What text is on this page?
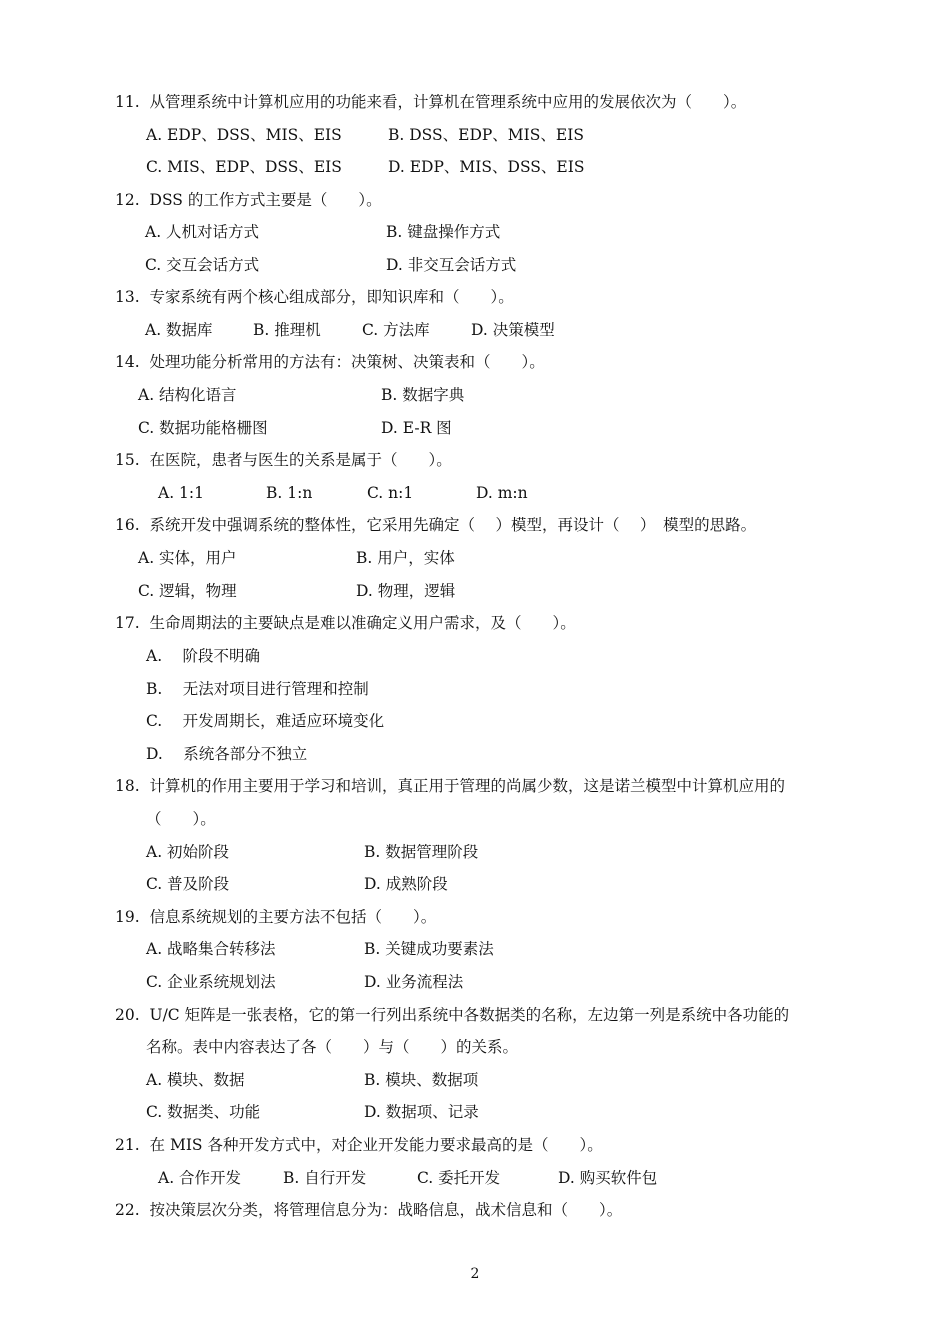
11. 从管理系统中计算机应用的功能来看，计算机在管理系统中应用的发展依次为（　　）。
A. EDP、DSS、MIS、EIS	B. DSS、EDP、MIS、EIS
C. MIS、EDP、DSS、EIS	D. EDP、MIS、DSS、EIS
12. DSS 的工作方式主要是（　　）。
A. 人机对话方式	B. 键盘操作方式
C. 交互会话方式	D. 非交互会话方式
13. 专家系统有两个核心组成部分，即知识库和（　　）。
A. 数据库	B. 推理机	C. 方法库	D. 决策模型
14. 处理功能分析常用的方法有：决策树、决策表和（　　）。
A. 结构化语言	B. 数据字典
C. 数据功能格栅图	D. E-R 图
15. 在医院，患者与医生的关系是属于（　　）。
A. 1:1	B. 1:n	C. n:1	D. m:n
16. 系统开发中强调系统的整体性，它采用先确定（　 ）模型，再设计（　 ）　模型的思路。
A. 实体，用户	B. 用户，实体
C. 逻辑，物理	D. 物理，逻辑
17. 生命周期法的主要缺点是难以准确定义用户需求，及（　　）。
A.　 阶段不明确
B.　 无法对项目进行管理和控制
C.　 开发周期长，难适应环境变化
D.　 系统各部分不独立
18. 计算机的作用主要用于学习和培训，真正用于管理的尚属少数，这是诺兰模型中计算机应用的
（　　）。
A. 初始阶段	B. 数据管理阶段
C. 普及阶段	D. 成熟阶段
19. 信息系统规划的主要方法不包括（　　）。
A. 战略集合转移法	B. 关键成功要素法
C. 企业系统规划法	D. 业务流程法
20. U/C 矩阵是一张表格，它的第一行列出系统中各数据类的名称，左边第一列是系统中各功能的
名称。表中内容表达了各（　　）与（　　）的关系。
A. 模块、数据	B. 模块、数据项
C. 数据类、功能	D. 数据项、记录
21. 在 MIS 各种开发方式中，对企业开发能力要求最高的是（　　）。
A. 合作开发	B. 自行开发	C. 委托开发	D. 购买软件包
22. 按决策层次分类，将管理信息分为：战略信息，战术信息和（　　）。
2
